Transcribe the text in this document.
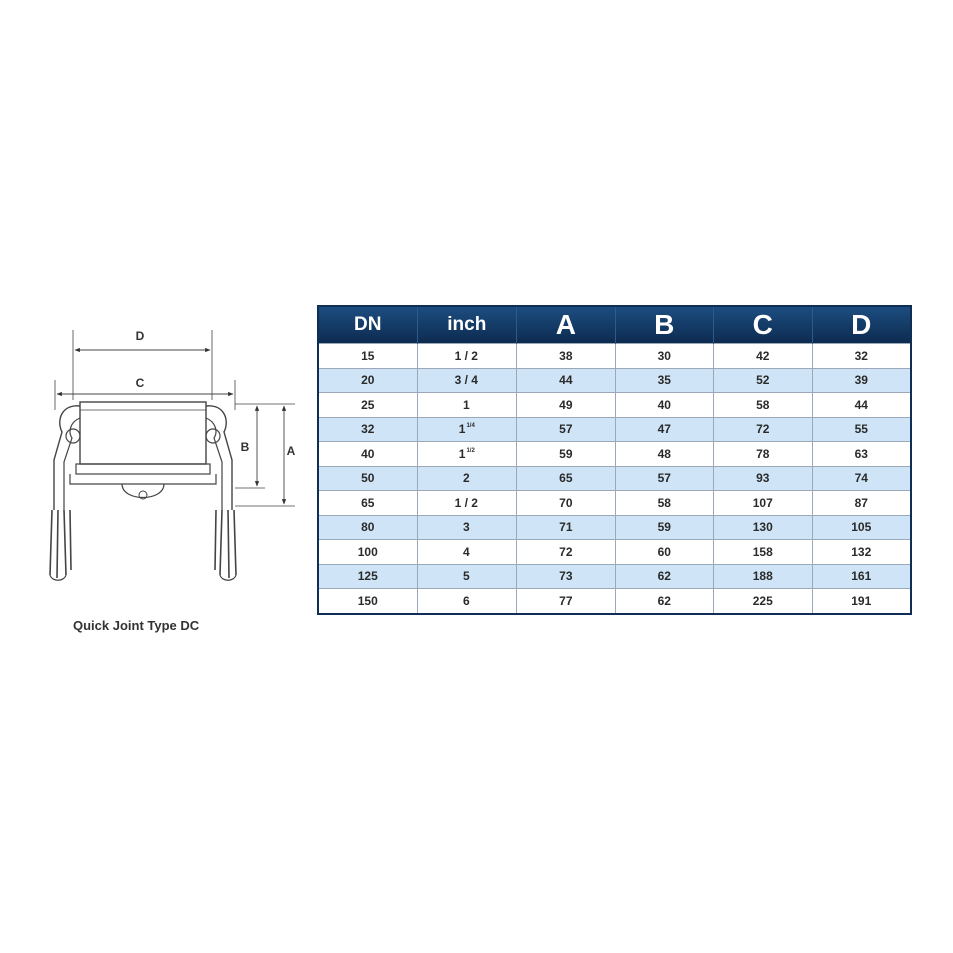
D
C
B	A
Quick Joint Type DC
DN	inch	A	B	C	D
15	1 / 2	38	30	42	32
20	3 / 4	44	35	52	39
25	1	49	40	58	44
32	11/4	57	47	72	55
40	11/2	59	48	78	63
50	2	65	57	93	74
65	1 / 2	70	58	107	87
80	3	71	59	130	105
100	4	72	60	158	132
125	5	73	62	188	161
150	6	77	62	225	191
